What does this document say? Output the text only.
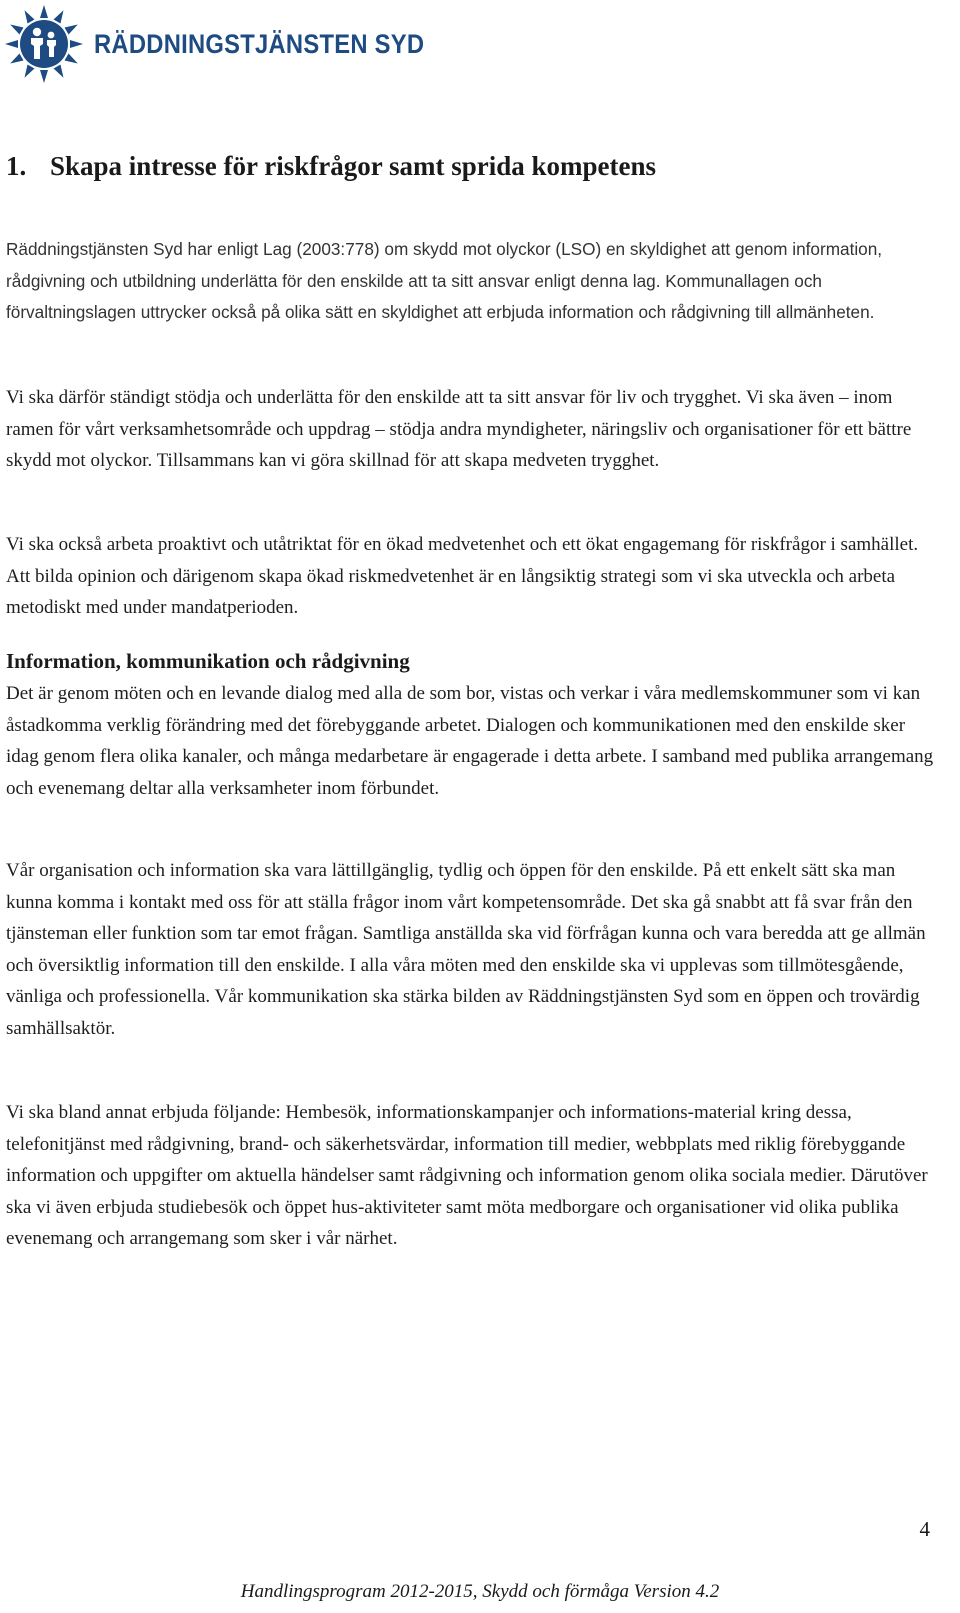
RÄDDNINGSTJÄNSTEN SYD
1. Skapa intresse för riskfrågor samt sprida kompetens

Räddningstjänsten Syd har enligt Lag (2003:778) om skydd mot olyckor (LSO) en skyldighet att genom information, rådgivning och utbildning underlätta för den enskilde att ta sitt ansvar enligt denna lag. Kommunallagen och förvaltningslagen uttrycker också på olika sätt en skyldighet att erbjuda information och rådgivning till allmänheten.

Vi ska därför ständigt stödja och underlätta för den enskilde att ta sitt ansvar för liv och trygghet. Vi ska även – inom ramen för vårt verksamhetsområde och uppdrag – stödja andra myndigheter, näringsliv och organisationer för ett bättre skydd mot olyckor. Tillsammans kan vi göra skillnad för att skapa medveten trygghet.

Vi ska också arbeta proaktivt och utåtriktat för en ökad medvetenhet och ett ökat engagemang för riskfrågor i samhället. Att bilda opinion och därigenom skapa ökad riskmedvetenhet är en långsiktig strategi som vi ska utveckla och arbeta metodiskt med under mandatperioden.

Information, kommunikation och rådgivning

Det är genom möten och en levande dialog med alla de som bor, vistas och verkar i våra medlemskommuner som vi kan åstadkomma verklig förändring med det förebyggande arbetet. Dialogen och kommunikationen med den enskilde sker idag genom flera olika kanaler, och många medarbetare är engagerade i detta arbete. I samband med publika arrangemang och evenemang deltar alla verksamheter inom förbundet.

Vår organisation och information ska vara lättillgänglig, tydlig och öppen för den enskilde. På ett enkelt sätt ska man kunna komma i kontakt med oss för att ställa frågor inom vårt kompetensområde. Det ska gå snabbt att få svar från den tjänsteman eller funktion som tar emot frågan. Samtliga anställda ska vid förfrågan kunna och vara beredda att ge allmän och översiktlig information till den enskilde. I alla våra möten med den enskilde ska vi upplevas som tillmötesgående, vänliga och professionella. Vår kommunikation ska stärka bilden av Räddningstjänsten Syd som en öppen och trovärdig samhällsaktör.

Vi ska bland annat erbjuda följande: Hembesök, informationskampanjer och informations-material kring dessa, telefonitjänst med rådgivning, brand- och säkerhetsvärdar, information till medier, webbplats med riklig förebyggande information och uppgifter om aktuella händelser samt rådgivning och information genom olika sociala medier. Därutöver ska vi även erbjuda studiebesök och öppet hus-aktiviteter samt möta medborgare och organisationer vid olika publika evenemang och arrangemang som sker i vår närhet.

4
Handlingsprogram 2012-2015, Skydd och förmåga Version 4.2
